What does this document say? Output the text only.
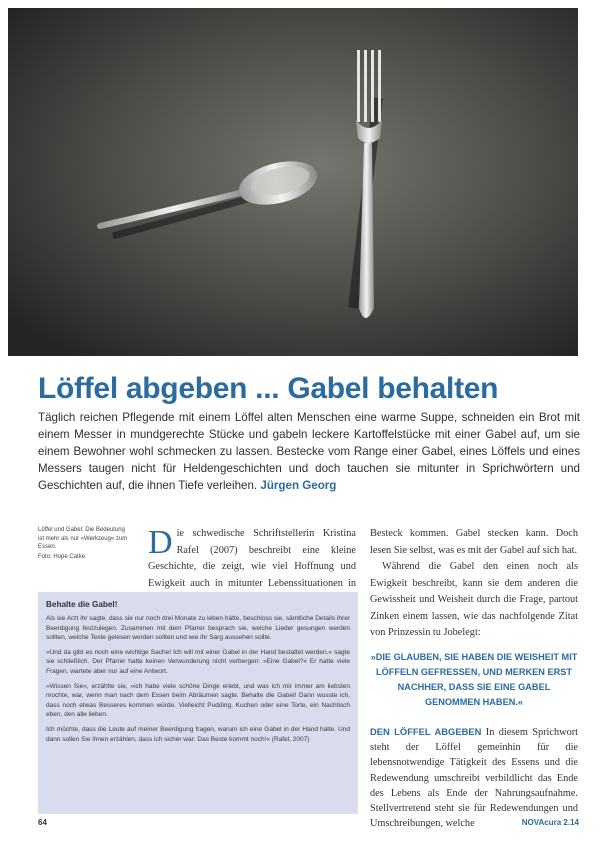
Löffel abgeben ... Gabel behalten

Täglich reichen Pflegende mit einem Löffel alten Menschen eine warme Suppe, schneiden ein Brot mit einem Messer in mundgerechte Stücke und gabeln leckere Kartoffelstücke mit einer Gabel auf, um sie einem Bewohner wohl schmecken zu lassen. Bestecke vom Range einer Gabel, eines Löffels und eines Messers taugen nicht für Heldengeschichten und doch tauchen sie mitunter in Sprichwörtern und Geschichten auf, die ihnen Tiefe verleihen. Jürgen Georg

Löffel und Gabel: Die Bedeutung ist mehr als nur »Werkzeug« zum Essen.
Foto: Hope Catke	Die schwedische Schriftstellerin Kristina Rafel (2007) beschreibt eine kleine Geschichte, die zeigt, wie viel Hoffnung und Ewigkeit auch in mitunter Lebenssituationen in

Besteck kommen. Gabel stecken kann. Doch lesen Sie selbst, was es mit der Gabel auf sich hat.

Während die Gabel den einen noch als Ewigkeit beschreibt, kann sie dem anderen die Gewissheit und Weisheit durch die Frage, partout Zinken einem lassen, wie das nachfolgende Zitat von Prinzessin tu Jobelegt:

»DIE GLAUBEN, SIE HABEN DIE WEISHEIT MIT LÖFFELN GEFRESSEN, UND MERKEN ERST NACHHER, DASS SIE EINE GABEL GENOMMEN HABEN.«

DEN LÖFFEL ABGEBEN In diesem Sprichwort steht der Löffel gemeinhin für die lebensnotwendige Tätigkeit des Essens und die Redewendung umschreibt verbildlicht das Ende des Lebens als Ende der Nahrungsaufnahme. Stellvertretend steht sie für Redewendungen und Umschreibungen, welche

Behalte die Gabel!

Als sie Arzt ihr sagte, dass sie nur noch drei Monate zu leben hätte, beschloss sie, sämtliche Details ihrer Beerdigung festzulegen. Zusammen mit dem Pfarrer besprach sie, welche Lieder gesungen werden sollten, welche Texte gelesen werden sollten und wie ihr Sarg aussehen sollte.

»Und da gibt es noch eine wichtige Sache! Ich will mit einer Gabel in der Hand bestattet werden.« sagte sie schließlich. Der Pfarrer hatte keinen Verwunderung nicht verbergen: »Eine Gabel?« Er hatte viele Fragen, wartete aber nur auf eine Antwort.

»Wissen Sie«, erzählte sie, »ich habe viele schöne Dinge erlebt, und was ich mir immer am liebsten mochte, war, wenn man nach dem Essen beim Abräumen sagte: Behalte die Gabel! Dann wusste ich, dass noch etwas Besseres kommen würde. Vielleicht Pudding, Kuchen oder eine Torte, ein Nachtisch eben, den alle lieben.

Ich möchte, dass die Leute auf meiner Beerdigung fragen, warum ich eine Gabel in der Hand halte. Und dann sollen Sie ihnen erzählen, dass ich sicher war: Das Beste kommt noch!« (Rafel, 2007)

64	NOVAcura 2.14
